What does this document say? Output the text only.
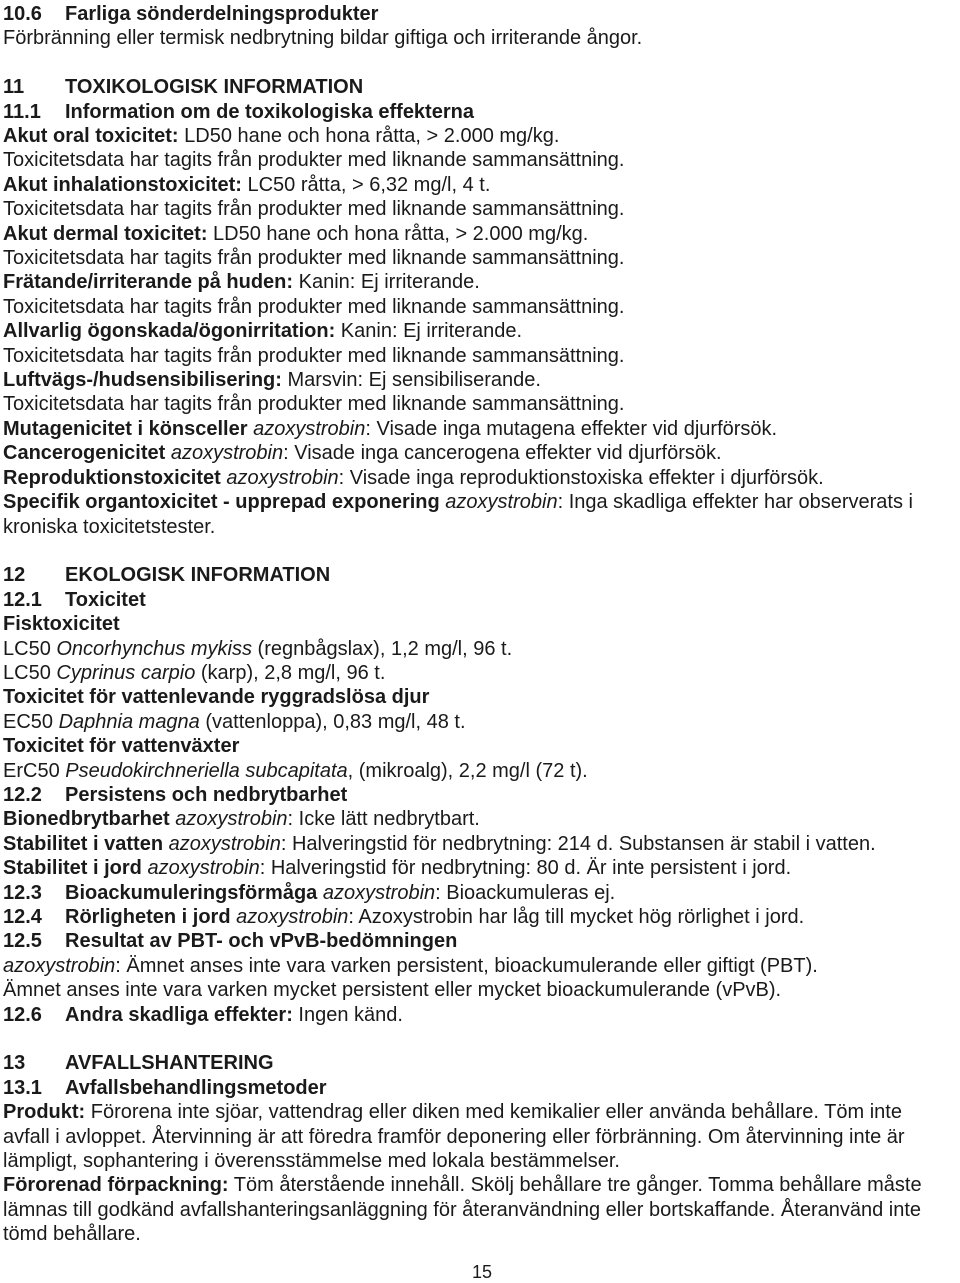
10.6 Farliga sönderdelningsprodukter
Förbränning eller termisk nedbrytning bildar giftiga och irriterande ångor.
11 TOXIKOLOGISK INFORMATION
11.1 Information om de toxikologiska effekterna
Akut oral toxicitet: LD50 hane och hona råtta, > 2.000 mg/kg.
Toxicitetsdata har tagits från produkter med liknande sammansättning.
Akut inhalationstoxicitet: LC50 råtta, > 6,32 mg/l, 4 t.
Toxicitetsdata har tagits från produkter med liknande sammansättning.
Akut dermal toxicitet: LD50 hane och hona råtta, > 2.000 mg/kg.
Toxicitetsdata har tagits från produkter med liknande sammansättning.
Frätande/irriterande på huden: Kanin: Ej irriterande.
Toxicitetsdata har tagits från produkter med liknande sammansättning.
Allvarlig ögonskada/ögonirritation: Kanin: Ej irriterande.
Toxicitetsdata har tagits från produkter med liknande sammansättning.
Luftvägs-/hudsensibilisering: Marsvin: Ej sensibiliserande.
Toxicitetsdata har tagits från produkter med liknande sammansättning.
Mutagenicitet i könsceller azoxystrobin: Visade inga mutagena effekter vid djurförsök.
Cancerogenicitet azoxystrobin: Visade inga cancerogena effekter vid djurförsök.
Reproduktionstoxicitet azoxystrobin: Visade inga reproduktionstoxiska effekter i djurförsök.
Specifik organtoxicitet - upprepad exponering azoxystrobin: Inga skadliga effekter har observerats i kroniska toxicitetstester.
12 EKOLOGISK INFORMATION
12.1 Toxicitet
Fisktoxicitet
LC50 Oncorhynchus mykiss (regnbågslax), 1,2 mg/l, 96 t.
LC50 Cyprinus carpio (karp), 2,8 mg/l, 96 t.
Toxicitet för vattenlevande ryggradslösa djur
EC50 Daphnia magna (vattenloppa), 0,83 mg/l, 48 t.
Toxicitet för vattenväxter
ErC50 Pseudokirchneriella subcapitata, (mikroalg), 2,2 mg/l (72 t).
12.2 Persistens och nedbrytbarhet
Bionedbrytbarhet azoxystrobin: Icke lätt nedbrytbart.
Stabilitet i vatten azoxystrobin: Halveringstid för nedbrytning: 214 d. Substansen är stabil i vatten.
Stabilitet i jord azoxystrobin: Halveringstid för nedbrytning: 80 d. Är inte persistent i jord.
12.3 Bioackumuleringsförmåga azoxystrobin: Bioackumuleras ej.
12.4 Rörligheten i jord azoxystrobin: Azoxystrobin har låg till mycket hög rörlighet i jord.
12.5 Resultat av PBT- och vPvB-bedömningen
azoxystrobin: Ämnet anses inte vara varken persistent, bioackumulerande eller giftigt (PBT).
Ämnet anses inte vara varken mycket persistent eller mycket bioackumulerande (vPvB).
12.6 Andra skadliga effekter: Ingen känd.
13 AVFALLSHANTERING
13.1 Avfallsbehandlingsmetoder
Produkt: Förorena inte sjöar, vattendrag eller diken med kemikalier eller använda behållare. Töm inte avfall i avloppet. Återvinning är att föredra framför deponering eller förbränning. Om återvinning inte är lämpligt, sophantering i överensstämmelse med lokala bestämmelser.
Förorenad förpackning: Töm återstående innehåll. Skölj behållare tre gånger. Tomma behållare måste lämnas till godkänd avfallshanteringsanläggning för återanvändning eller bortskaffande. Återanvänd inte tömd behållare.
15
